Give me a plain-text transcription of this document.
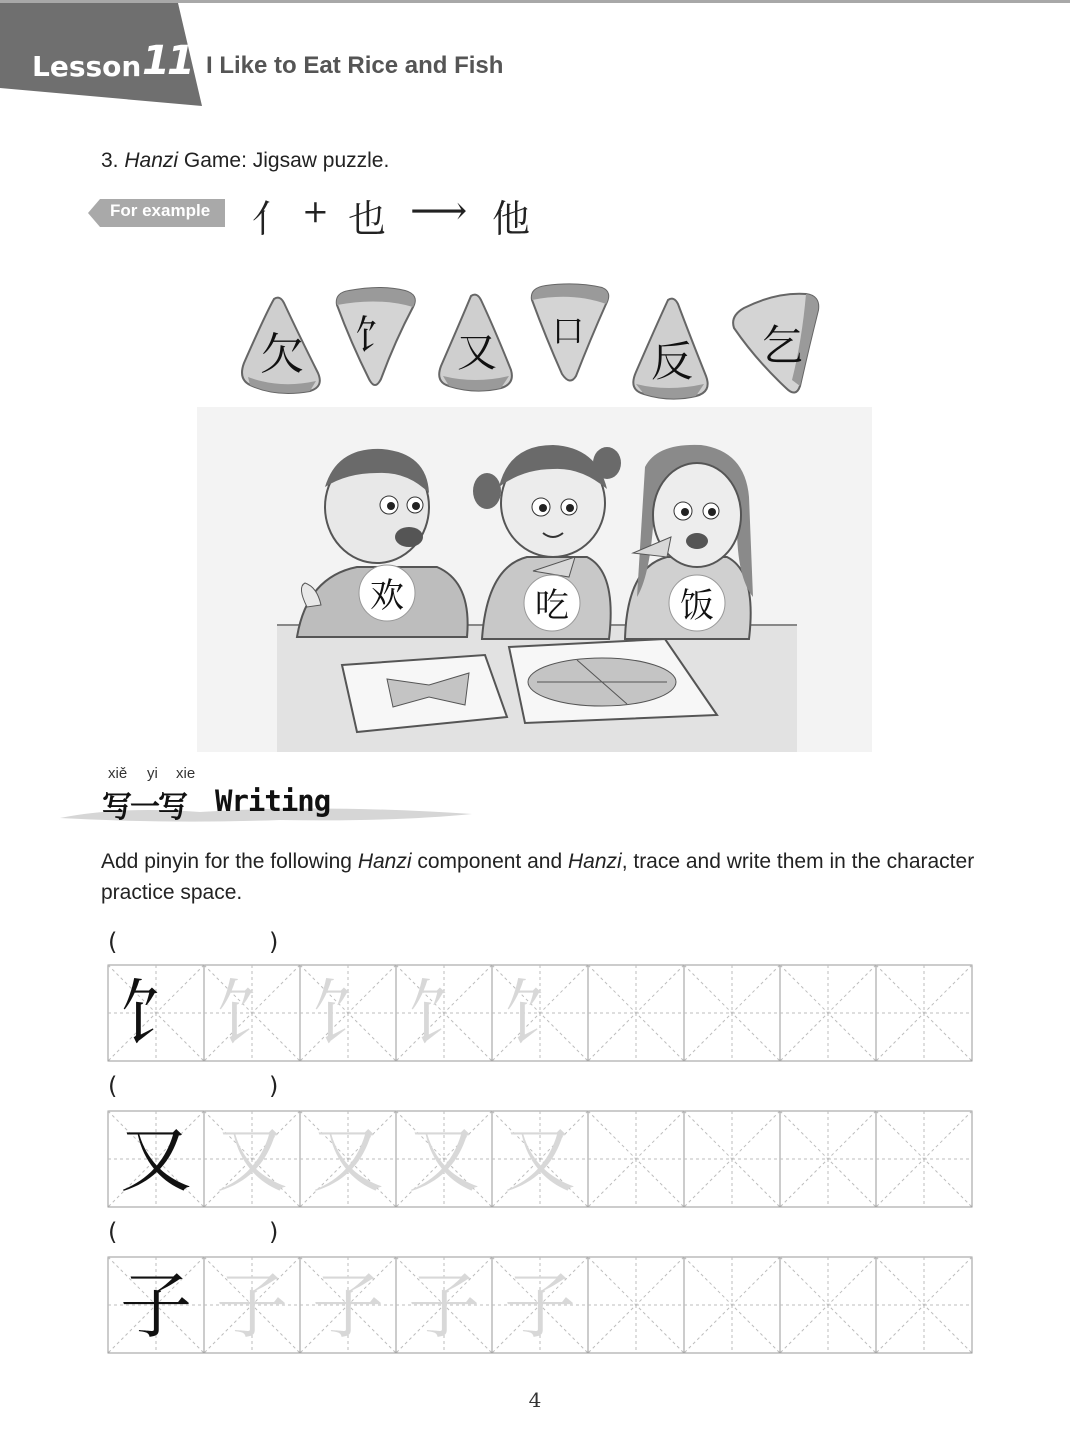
Lesson 11 I Like to Eat Rice and Fish
3. Hanzi Game: Jigsaw puzzle.
For example 亻 + 也 ⟶ 他
欠 饣 又 口
反 乞
欢	吃	饭
xiě yi xie
写一写 Writing
Add pinyin for the following Hanzi component and Hanzi, trace and write them in the character practice space.
(	)
(	)
(	)
饣 饣 饣 饣 饣
又 又 又 又 又
子 子 子 子 子
4
